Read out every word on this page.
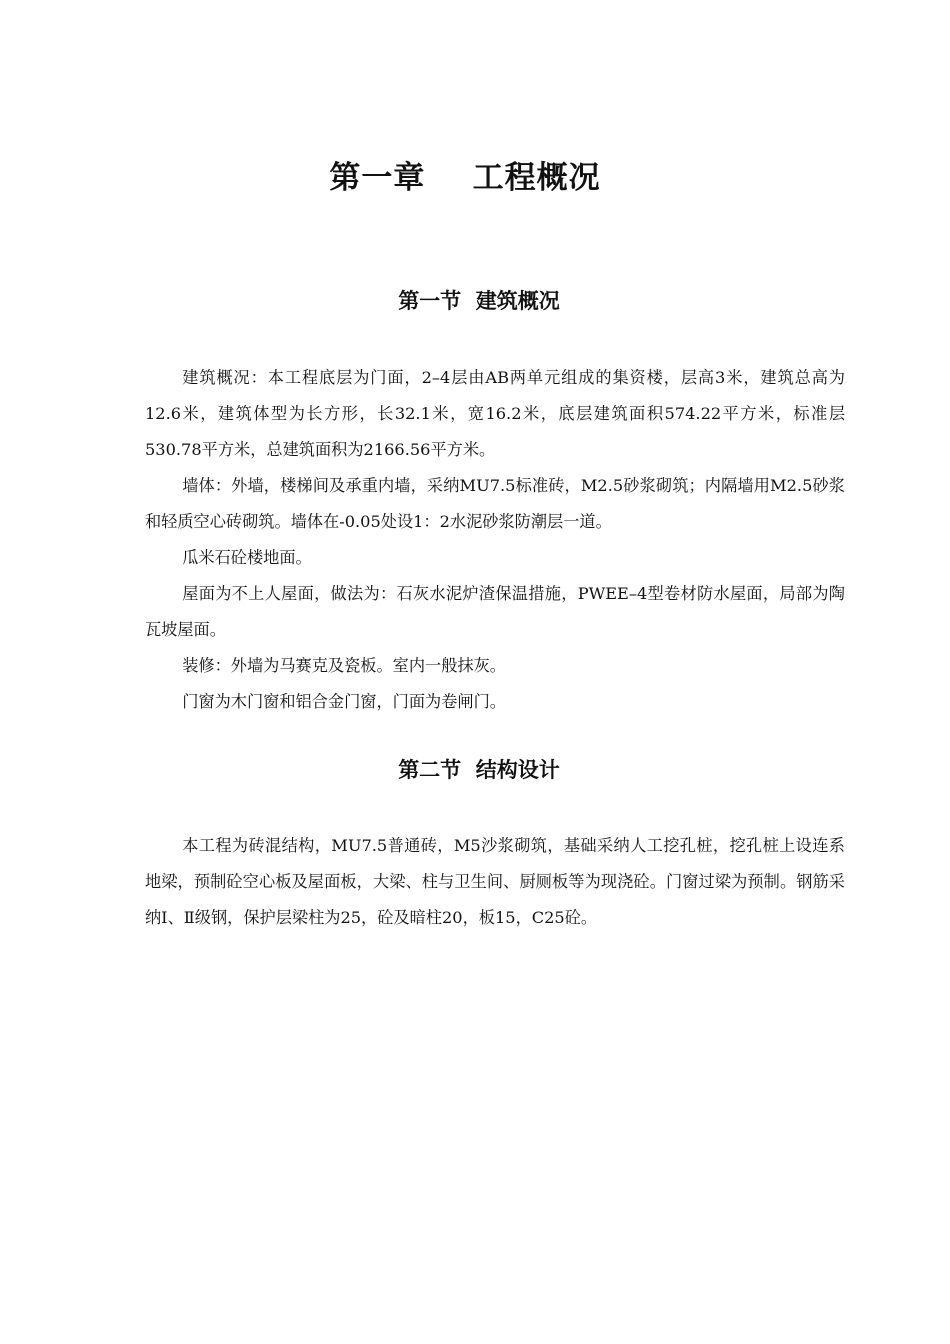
第一章    工程概况
第一节  建筑概况

建筑概况：本工程底层为门面，2–4层由AB两单元组成的集资楼，层高3米，建筑总高为12.6米，建筑体型为长方形，长32.1米，宽16.2米，底层建筑面积574.22平方米，标准层530.78平方米，总建筑面积为2166.56平方米。

墙体：外墙，楼梯间及承重内墙，采纳MU7.5标准砖，M2.5砂浆砌筑；内隔墙用M2.5砂浆和轻质空心砖砌筑。墙体在-0.05处设1：2水泥砂浆防潮层一道。

瓜米石砼楼地面。

屋面为不上人屋面，做法为：石灰水泥炉渣保温措施，PWEE–4型卷材防水屋面，局部为陶瓦坡屋面。

装修：外墙为马赛克及瓷板。室内一般抹灰。

门窗为木门窗和铝合金门窗，门面为卷闸门。

第二节  结构设计

本工程为砖混结构，MU7.5普通砖，M5沙浆砌筑，基础采纳人工挖孔桩，挖孔桩上设连系地梁，预制砼空心板及屋面板，大梁、柱与卫生间、厨厕板等为现浇砼。门窗过梁为预制。钢筋采纳I、Ⅱ级钢，保护层梁柱为25，砼及暗柱20，板15，C25砼。
